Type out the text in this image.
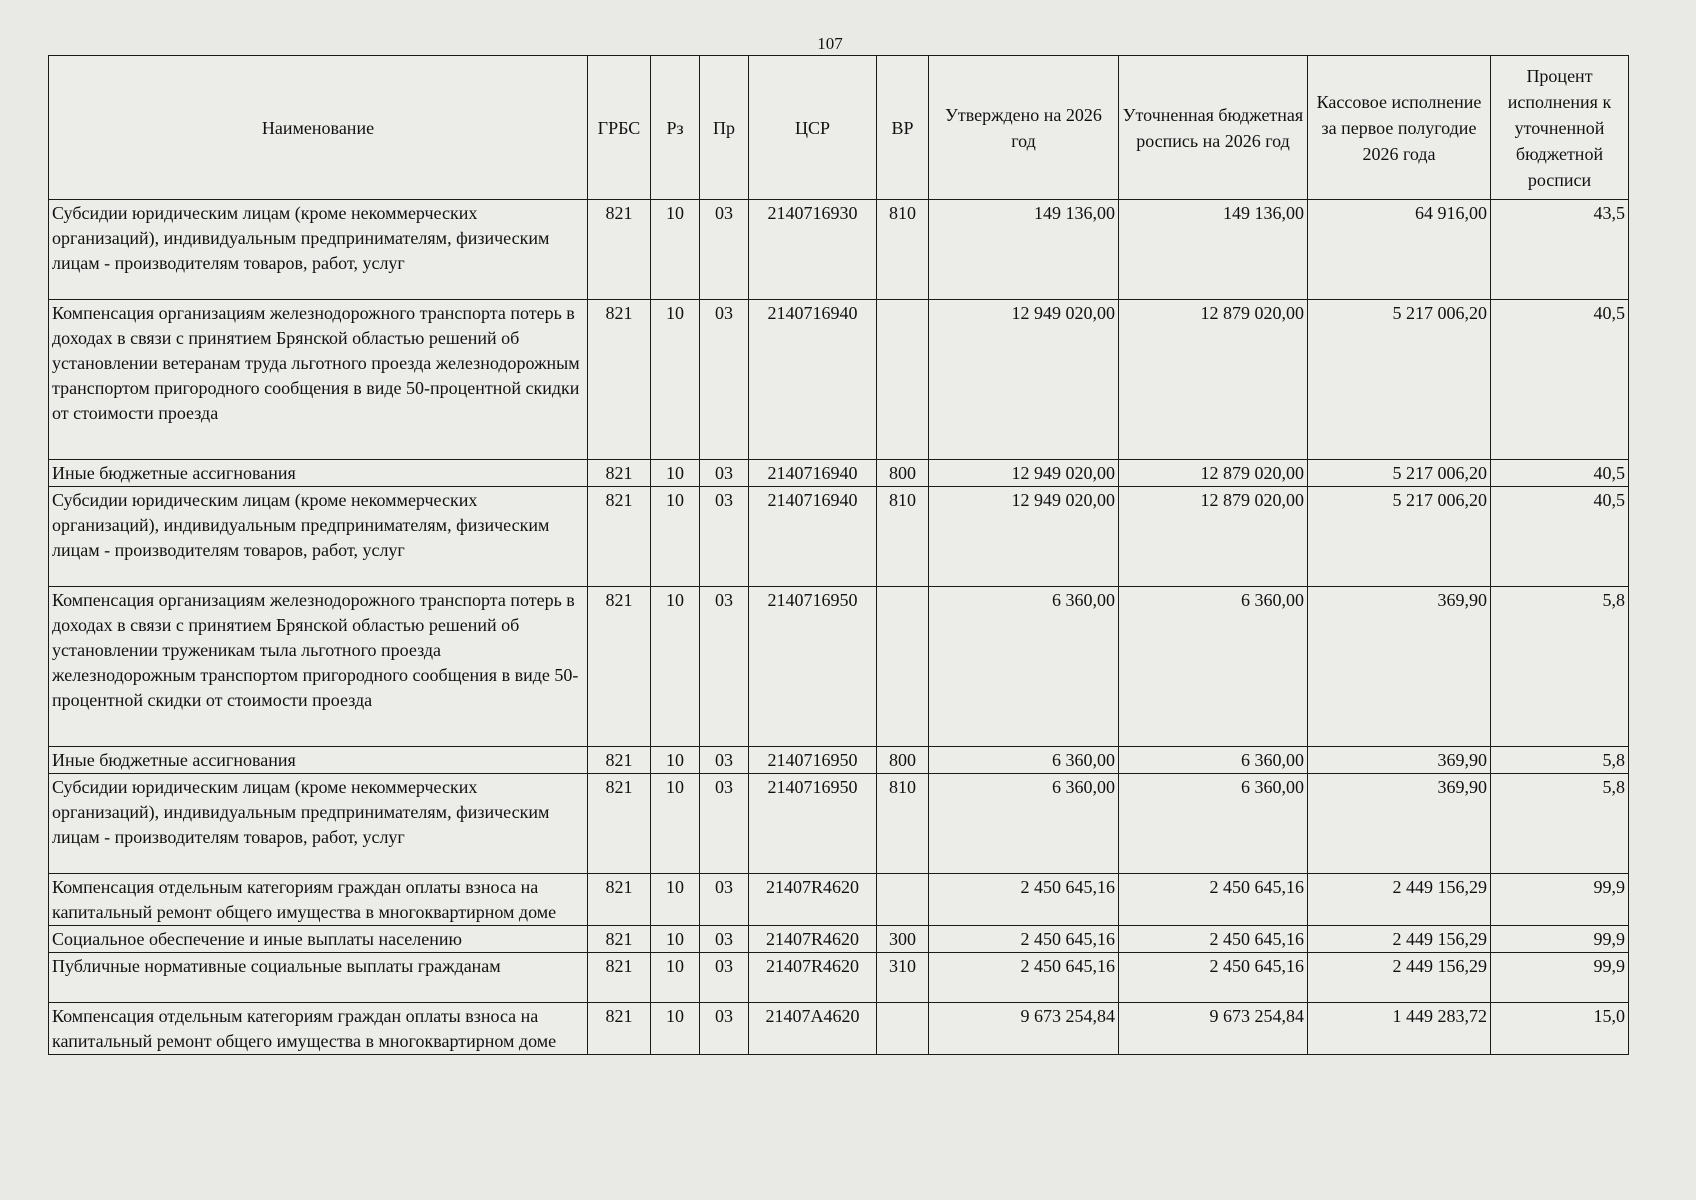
107
Наименование	ГРБС	Рз	Пр	ЦСР	ВР	Утверждено на 2026 год	Уточненная бюджетная роспись на 2026 год	Кассовое исполнение за первое полугодие 2026 года	Процент исполнения к уточненной бюджетной росписи
Субсидии юридическим лицам (кроме некоммерческих организаций), индивидуальным предпринимателям, физическим лицам - производителям товаров, работ, услуг	821	10	03	2140716930	810	149 136,00	149 136,00	64 916,00	43,5
Компенсация организациям железнодорожного транспорта потерь в доходах в связи с принятием Брянской областью решений об установлении ветеранам труда льготного проезда железнодорожным транспортом пригородного сообщения в виде 50-процентной скидки от стоимости проезда	821	10	03	2140716940		12 949 020,00	12 879 020,00	5 217 006,20	40,5
Иные бюджетные ассигнования	821	10	03	2140716940	800	12 949 020,00	12 879 020,00	5 217 006,20	40,5
Субсидии юридическим лицам (кроме некоммерческих организаций), индивидуальным предпринимателям, физическим лицам - производителям товаров, работ, услуг	821	10	03	2140716940	810	12 949 020,00	12 879 020,00	5 217 006,20	40,5
Компенсация организациям железнодорожного транспорта потерь в доходах в связи с принятием Брянской областью решений об установлении труженикам тыла льготного проезда железнодорожным транспортом пригородного сообщения в виде 50-процентной скидки от стоимости проезда	821	10	03	2140716950		6 360,00	6 360,00	369,90	5,8
Иные бюджетные ассигнования	821	10	03	2140716950	800	6 360,00	6 360,00	369,90	5,8
Субсидии юридическим лицам (кроме некоммерческих организаций), индивидуальным предпринимателям, физическим лицам - производителям товаров, работ, услуг	821	10	03	2140716950	810	6 360,00	6 360,00	369,90	5,8
Компенсация отдельным категориям граждан оплаты взноса на капитальный ремонт общего имущества в многоквартирном доме	821	10	03	21407R4620		2 450 645,16	2 450 645,16	2 449 156,29	99,9
Социальное обеспечение и иные выплаты населению	821	10	03	21407R4620	300	2 450 645,16	2 450 645,16	2 449 156,29	99,9
Публичные нормативные социальные выплаты гражданам	821	10	03	21407R4620	310	2 450 645,16	2 450 645,16	2 449 156,29	99,9
Компенсация отдельным категориям граждан оплаты взноса на капитальный ремонт общего имущества в многоквартирном доме	821	10	03	21407A4620		9 673 254,84	9 673 254,84	1 449 283,72	15,0
